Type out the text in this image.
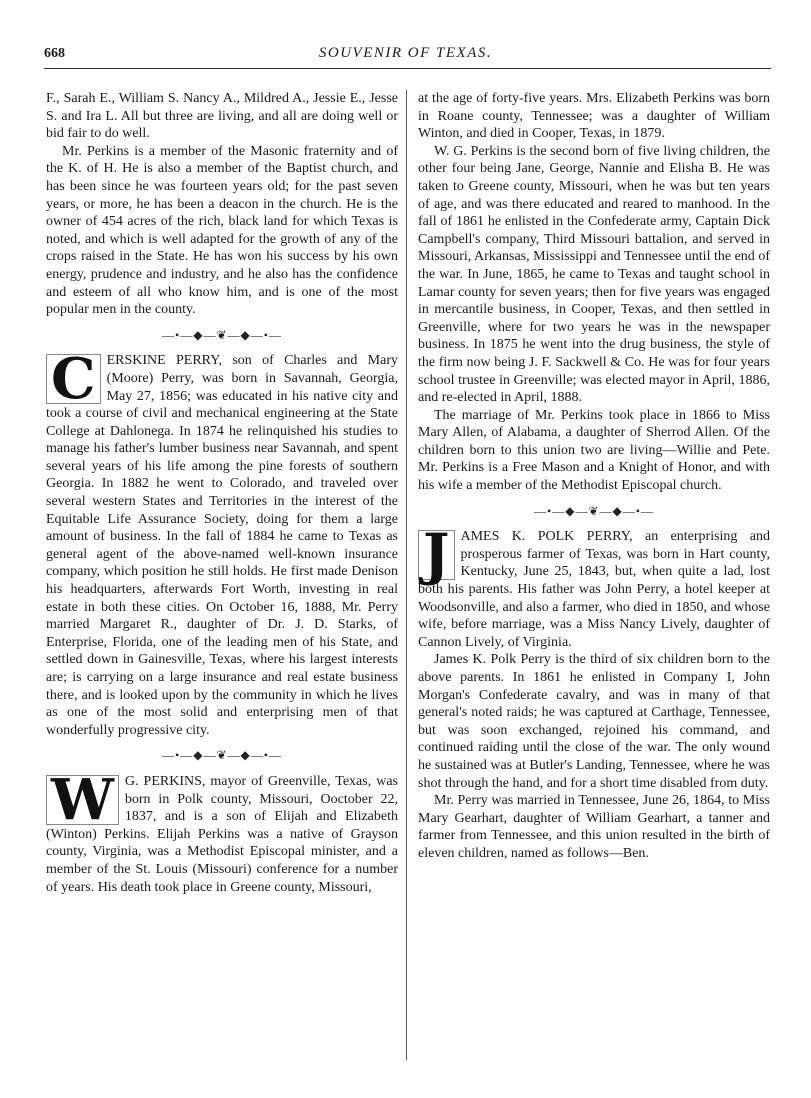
668	SOUVENIR OF TEXAS.

F., Sarah E., William S. Nancy A., Mildred A., Jessie E., Jesse S. and Ira L. All but three are living, and all are doing well or bid fair to do well.

Mr. Perkins is a member of the Masonic fraternity and of the K. of H. He is also a member of the Baptist church, and has been since he was fourteen years old; for the past seven years, or more, he has been a deacon in the church. He is the owner of 454 acres of the rich, black land for which Texas is noted, and which is well adapted for the growth of any of the crops raised in the State. He has won his success by his own energy, prudence and industry, and he also has the confidence and esteem of all who know him, and is one of the most popular men in the county.

—•—◆—❦—◆—•—

C ERSKINE PERRY, son of Charles and Mary (Moore) Perry, was born in Savannah, Georgia, May 27, 1856; was educated in his native city and took a course of civil and mechanical engineering at the State College at Dahlonega. In 1874 he relinquished his studies to manage his father's lumber business near Savannah, and spent several years of his life among the pine forests of southern Georgia. In 1882 he went to Colorado, and traveled over several western States and Territories in the interest of the Equitable Life Assurance Society, doing for them a large amount of business. In the fall of 1884 he came to Texas as general agent of the above-named well-known insurance company, which position he still holds. He first made Denison his headquarters, afterwards Fort Worth, investing in real estate in both these cities. On October 16, 1888, Mr. Perry married Margaret R., daughter of Dr. J. D. Starks, of Enterprise, Florida, one of the leading men of his State, and settled down in Gainesville, Texas, where his largest interests are; is carrying on a large insurance and real estate business there, and is looked upon by the community in which he lives as one of the most solid and enterprising men of that wonderfully progressive city.

—•—◆—❦—◆—•—

W G. PERKINS, mayor of Greenville, Texas, was born in Polk county, Missouri, Ooctober 22, 1837, and is a son of Elijah and Elizabeth (Winton) Perkins. Elijah Perkins was a native of Grayson county, Virginia, was a Methodist Episcopal minister, and a member of the St. Louis (Missouri) conference for a number of years. His death took place in Greene county, Missouri,

at the age of forty-five years. Mrs. Elizabeth Perkins was born in Roane county, Tennessee; was a daughter of William Winton, and died in Cooper, Texas, in 1879.

W. G. Perkins is the second born of five living children, the other four being Jane, George, Nannie and Elisha B. He was taken to Greene county, Missouri, when he was but ten years of age, and was there educated and reared to manhood. In the fall of 1861 he enlisted in the Confederate army, Captain Dick Campbell's company, Third Missouri battalion, and served in Missouri, Arkansas, Mississippi and Tennessee until the end of the war. In June, 1865, he came to Texas and taught school in Lamar county for seven years; then for five years was engaged in mercantile business, in Cooper, Texas, and then settled in Greenville, where for two years he was in the newspaper business. In 1875 he went into the drug business, the style of the firm now being J. F. Sackwell & Co. He was for four years school trustee in Greenville; was elected mayor in April, 1886, and re-elected in April, 1888.

The marriage of Mr. Perkins took place in 1866 to Miss Mary Allen, of Alabama, a daughter of Sherrod Allen. Of the children born to this union two are living—Willie and Pete. Mr. Perkins is a Free Mason and a Knight of Honor, and with his wife a member of the Methodist Episcopal church.

—•—◆—❦—◆—•—

J AMES K. POLK PERRY, an enterprising and prosperous farmer of Texas, was born in Hart county, Kentucky, June 25, 1843, but, when quite a lad, lost both his parents. His father was John Perry, a hotel keeper at Woodsonville, and also a farmer, who died in 1850, and whose wife, before marriage, was a Miss Nancy Lively, daughter of Cannon Lively, of Virginia.

James K. Polk Perry is the third of six children born to the above parents. In 1861 he enlisted in Company I, John Morgan's Confederate cavalry, and was in many of that general's noted raids; he was captured at Carthage, Tennessee, but was soon exchanged, rejoined his command, and continued raiding until the close of the war. The only wound he sustained was at Butler's Landing, Tennessee, where he was shot through the hand, and for a short time disabled from duty.

Mr. Perry was married in Tennessee, June 26, 1864, to Miss Mary Gearhart, daughter of William Gearhart, a tanner and farmer from Tennessee, and this union resulted in the birth of eleven children, named as follows—Ben.
